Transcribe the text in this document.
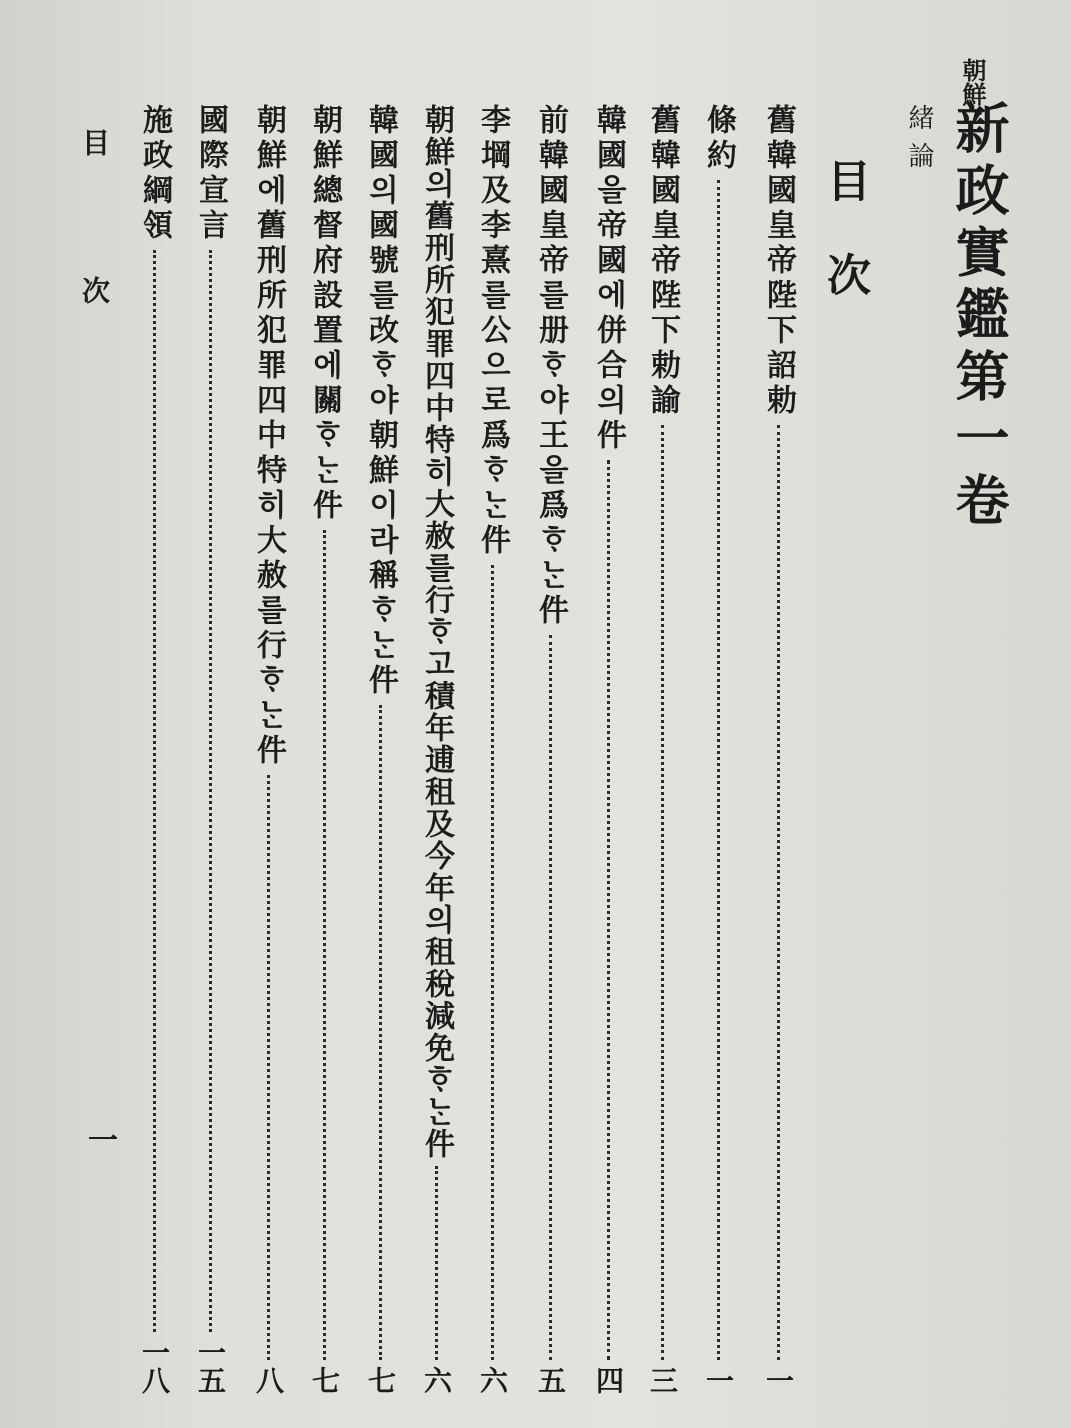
朝鮮
新政實鑑第一卷
緒論
目次
舊韓國皇帝陛下詔勅
一
條約
一
舊韓國皇帝陛下勅諭
三
韓國을帝國에併合의件
四
前韓國皇帝를册ᄒᆞ야王을爲ᄒᆞᄂᆞᆫ件
五
李堈及李熹를公으로爲ᄒᆞᄂᆞᆫ件
六
朝鮮의舊刑所犯罪四中特히大赦를行ᄒᆞ고積年逋租及今年의租稅減免ᄒᆞᄂᆞᆫ件
六
韓國의國號를改ᄒᆞ야朝鮮이라稱ᄒᆞᄂᆞᆫ件
七
朝鮮總督府設置에關ᄒᆞᄂᆞᆫ件
七
朝鮮에舊刑所犯罪四中特히大赦를行ᄒᆞᄂᆞᆫ件
八
國際宣言
一五
施政綱領
一八
目次
一
